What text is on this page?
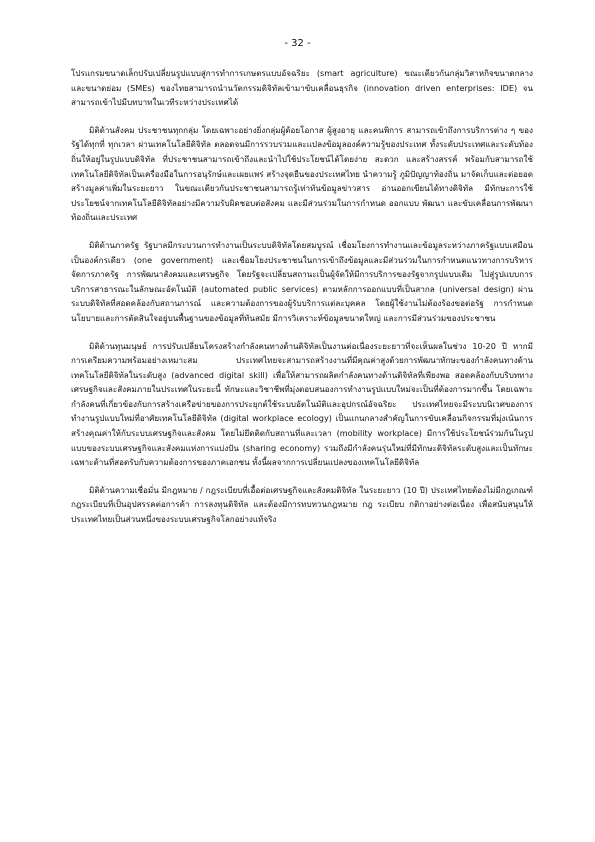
- 32 -

โปรแกรมขนาดเล็กปรับเปลี่ยนรูปแบบสู่การทำการเกษตรแบบอัจฉริยะ (smart agriculture) ขณะเดียวกันกลุ่มวิสาหกิจขนาดกลางและขนาดย่อม (SMEs) ของไทยสามารถนำนวัตกรรมดิจิทัลเข้ามาขับเคลื่อนธุรกิจ (innovation driven enterprises: IDE) จนสามารถเข้าไปมีบทบาทในเวทีระหว่างประเทศได้

มิติด้านสังคม ประชาชนทุกกลุ่ม โดยเฉพาะอย่างยิ่งกลุ่มผู้ด้อยโอกาส ผู้สูงอายุ และคนพิการ สามารถเข้าถึงการบริการต่าง ๆ ของรัฐได้ทุกที่ ทุกเวลา ผ่านเทคโนโลยีดิจิทัล ตลอดจนมีการรวบรวมและแปลงข้อมูลองค์ความรู้ของประเทศ ทั้งระดับประเทศและระดับท้องถิ่นให้อยู่ในรูปแบบดิจิทัล ที่ประชาชนสามารถเข้าถึงและนำไปใช้ประโยชน์ได้โดยง่าย สะดวก และสร้างสรรค์ พร้อมกับสามารถใช้เทคโนโลยีดิจิทัลเป็นเครื่องมือในการอนุรักษ์และเผยแพร่ สร้างจุดยืนของประเทศไทย นำความรู้ ภูมิปัญญาท้องถิ่น มาจัดเก็บและต่อยอดสร้างมูลค่าเพิ่มในระยะยาว ในขณะเดียวกันประชาชนสามารถรู้เท่าทันข้อมูลข่าวสาร อ่านออกเขียนได้ทางดิจิทัล มีทักษะการใช้ประโยชน์จากเทคโนโลยีดิจิทัลอย่างมีความรับผิดชอบต่อสังคม และมีส่วนร่วมในการกำหนด ออกแบบ พัฒนา และขับเคลื่อนการพัฒนาท้องถิ่นและประเทศ

มิติด้านภาครัฐ รัฐบาลมีกระบวนการทำงานเป็นระบบดิจิทัลโดยสมบูรณ์ เชื่อมโยงการทำงานและข้อมูลระหว่างภาครัฐแบบเสมือนเป็นองค์กรเดียว (one government) และเชื่อมโยงประชาชนในการเข้าถึงข้อมูลและมีส่วนร่วมในการกำหนดแนวทางการบริหารจัดการภาครัฐ การพัฒนาสังคมและเศรษฐกิจ โดยรัฐจะเปลี่ยนสถานะเป็นผู้จัดให้มีการบริการของรัฐจากรูปแบบเดิม ไปสู่รูปแบบการบริการสาธารณะในลักษณะอัตโนมัติ (automated public services) ตามหลักการออกแบบที่เป็นสากล (universal design) ผ่านระบบดิจิทัลที่สอดคล้องกับสถานการณ์ และความต้องการของผู้รับบริการแต่ละบุคคล โดยผู้ใช้งานไม่ต้องร้องขอต่อรัฐ การกำหนดนโยบายและการตัดสินใจอยู่บนพื้นฐานของข้อมูลที่ทันสมัย มีการวิเคราะห์ข้อมูลขนาดใหญ่ และการมีส่วนร่วมของประชาชน

มิติด้านทุนมนุษย์ การปรับเปลี่ยนโครงสร้างกำลังคนทางด้านดิจิทัลเป็นงานต่อเนื่องระยะยาวที่จะเห็นผลในช่วง 10-20 ปี หากมีการเตรียมความพร้อมอย่างเหมาะสม ประเทศไทยจะสามารถสร้างงานที่มีคุณค่าสูงด้วยการพัฒนาทักษะของกำลังคนทางด้านเทคโนโลยีดิจิทัลในระดับสูง (advanced digital skill) เพื่อให้สามารถผลิตกำลังคนทางด้านดิจิทัลที่เพียงพอ สอดคล้องกับบริบททางเศรษฐกิจและสังคมภายในประเทศในระยะนี้ ทักษะและวิชาชีพที่มุ่งตอบสนองการทำงานรูปแบบใหม่จะเป็นที่ต้องการมากขึ้น โดยเฉพาะกำลังคนที่เกี่ยวข้องกับการสร้างเครือข่ายของการประยุกต์ใช้ระบบอัตโนมัติและอุปกรณ์อัจฉริยะ ประเทศไทยจะมีระบบนิเวศของการทำงานรูปแบบใหม่ที่อาศัยเทคโนโลยีดิจิทัล (digital workplace ecology) เป็นแกนกลางสำคัญในการขับเคลื่อนกิจกรรมที่มุ่งเน้นการสร้างคุณค่าให้กับระบบเศรษฐกิจและสังคม โดยไม่ยึดติดกับสถานที่และเวลา (mobility workplace) มีการใช้ประโยชน์ร่วมกันในรูปแบบของระบบเศรษฐกิจและสังคมแห่งการแบ่งปัน (sharing economy) รวมถึงมีกำลังคนรุ่นใหม่ที่มีทักษะดิจิทัลระดับสูงและเป็นทักษะเฉพาะด้านที่สอดรับกับความต้องการของภาคเอกชน ทั้งนี้ผลจากการเปลี่ยนแปลงของเทคโนโลยีดิจิทัล

มิติด้านความเชื่อมั่น มีกฎหมาย / กฎระเบียบที่เอื้อต่อเศรษฐกิจและสังคมดิจิทัล ในระยะยาว (10 ปี) ประเทศไทยต้องไม่มีกฎเกณฑ์ กฎระเบียบที่เป็นอุปสรรคต่อการค้า การลงทุนดิจิทัล และต้องมีการทบทวนกฎหมาย กฎ ระเบียบ กติกาอย่างต่อเนื่อง เพื่อสนับสนุนให้ประเทศไทยเป็นส่วนหนึ่งของระบบเศรษฐกิจโลกอย่างแท้จริง
